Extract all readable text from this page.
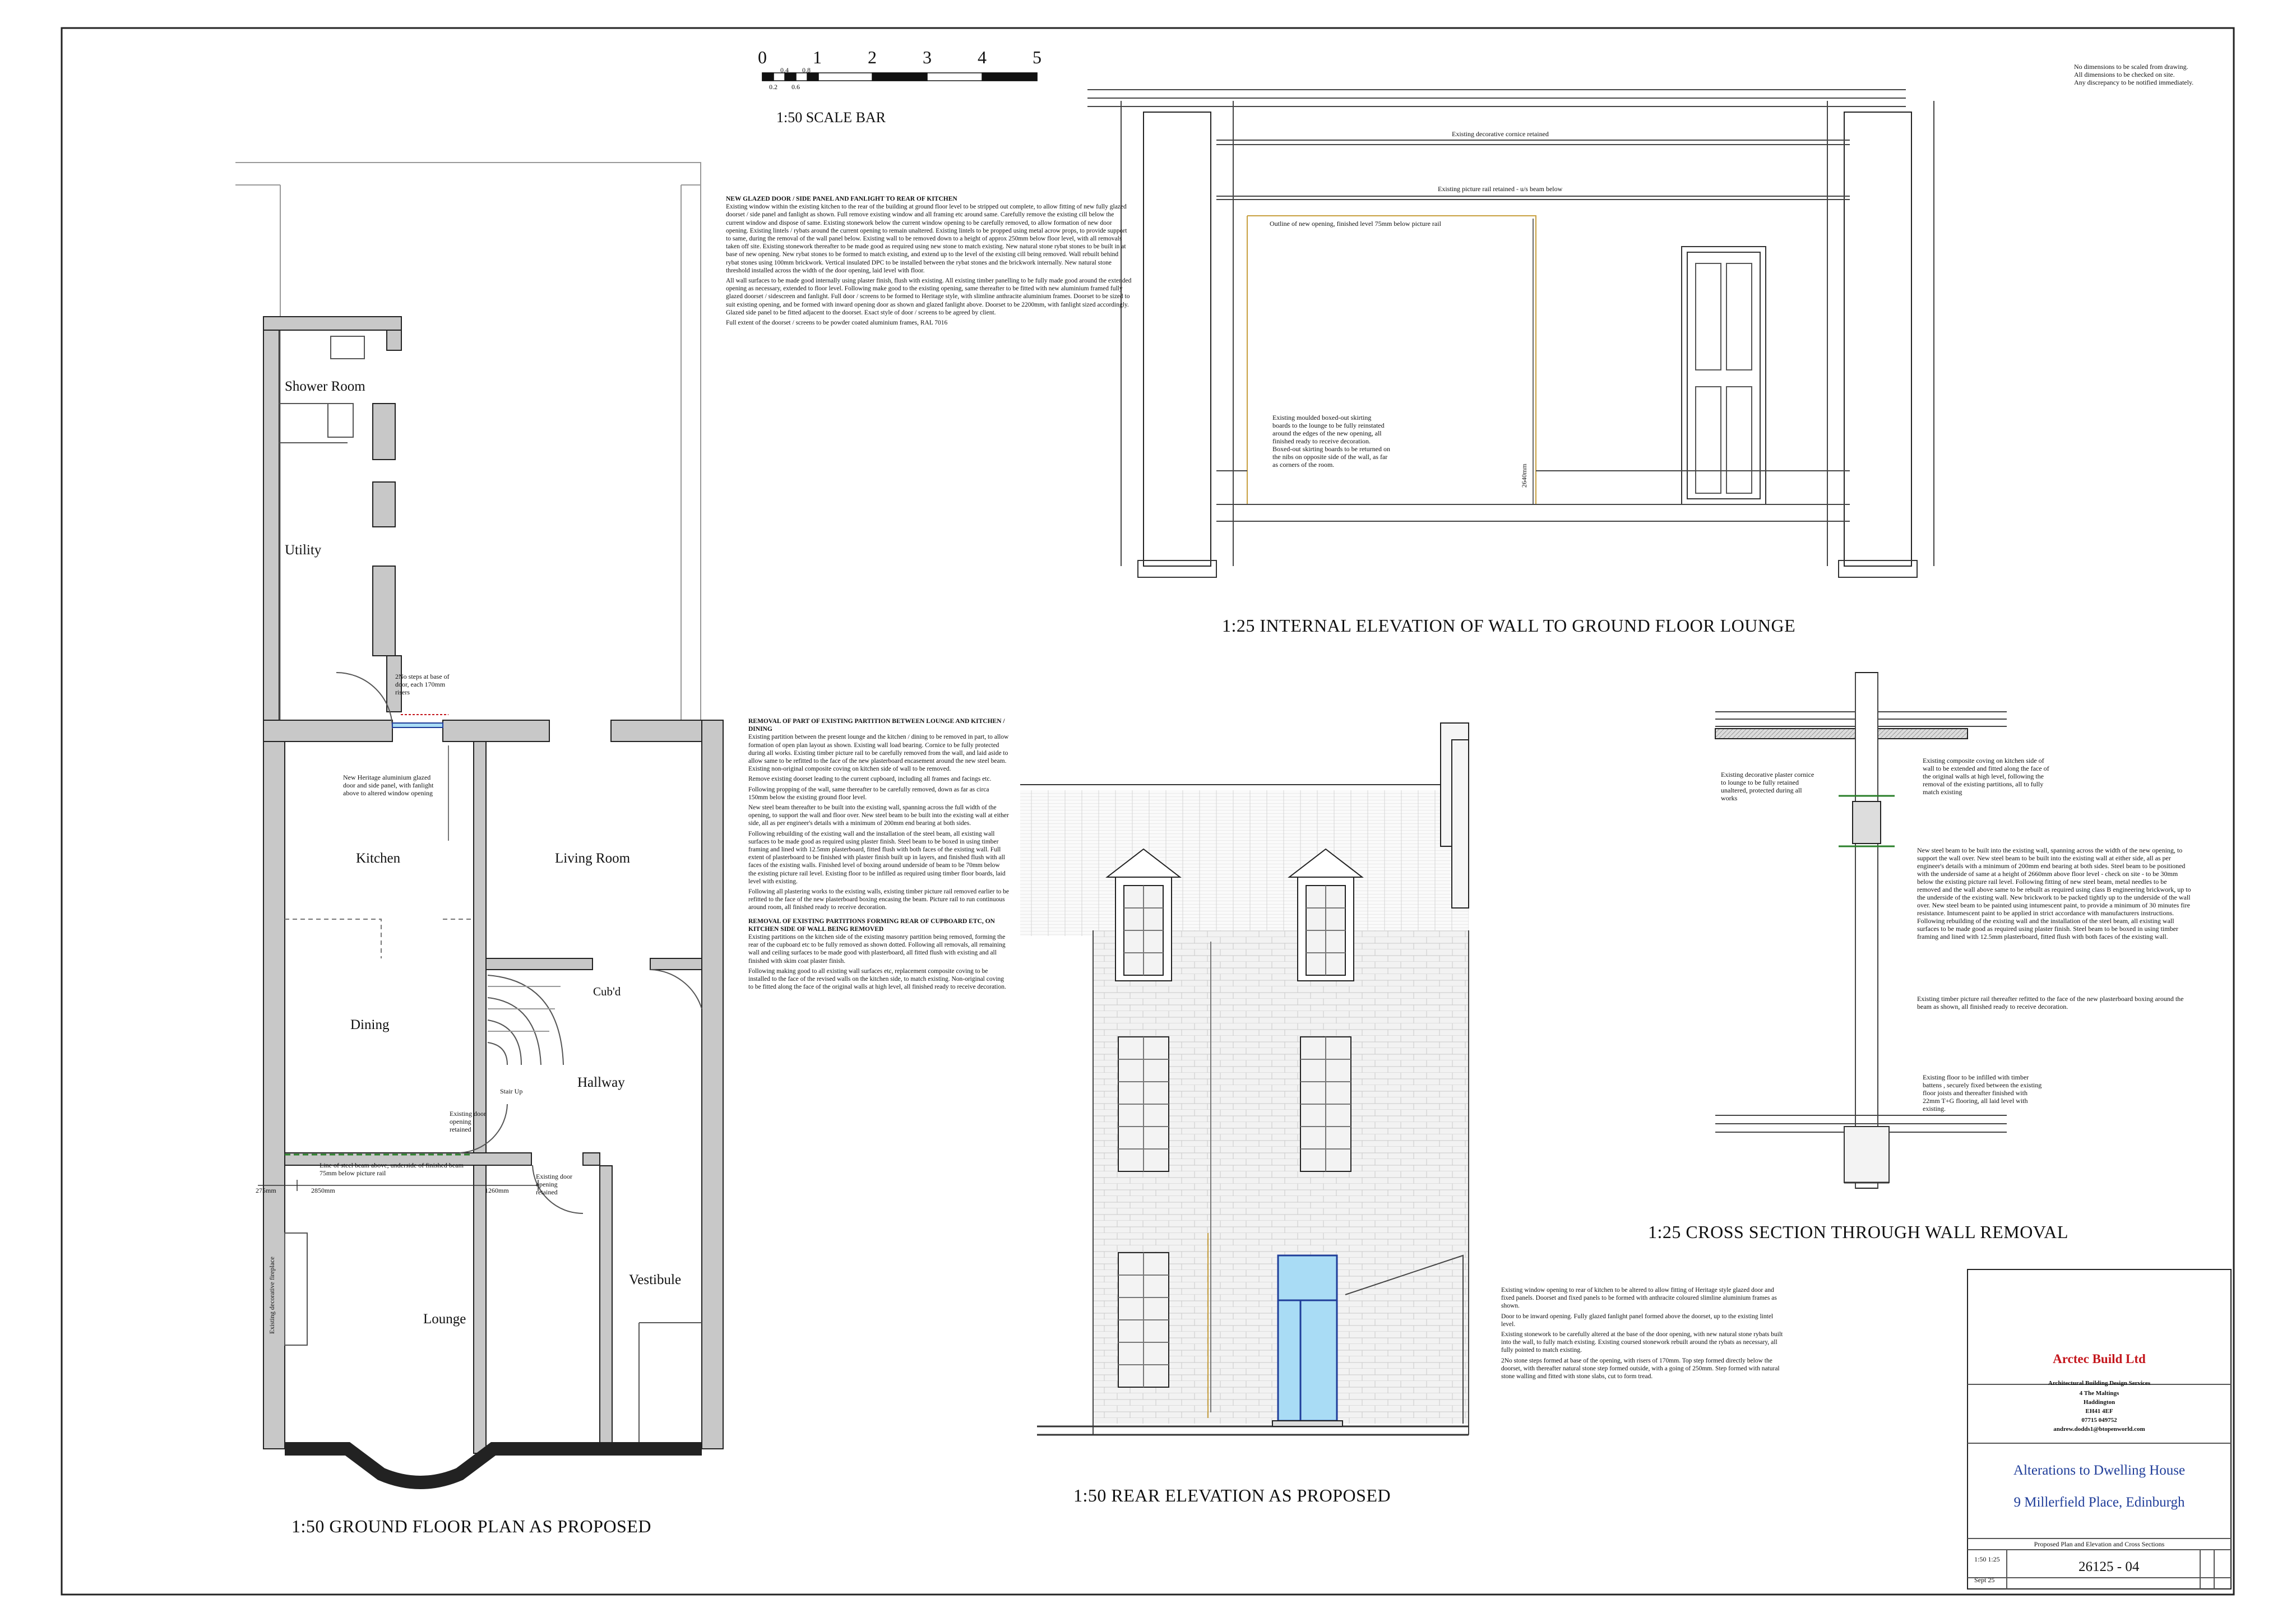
0	1	2	3	4	5
0.4 0.8
0.2 0.6
1:50 SCALE BAR
No dimensions to be scaled from drawing.
All dimensions to be checked on site.
Any discrepancy to be notified immediately.
NEW GLAZED DOOR / SIDE PANEL AND FANLIGHT TO REAR OF KITCHEN
Existing window within the existing kitchen to the rear of the building at ground floor level to be stripped out complete, to allow fitting of new fully glazed doorset / side panel and fanlight as shown. Full remove existing window and all framing etc around same. Carefully remove the existing cill below the current window and dispose of same. Existing stonework below the current window opening to be carefully removed, to allow formation of new door opening. Existing lintels / rybats around the current opening to remain unaltered. Existing lintels to be propped using metal acrow props, to provide support to same, during the removal of the wall panel below. Existing wall to be removed down to a height of approx 250mm below floor level, with all removals taken off site. Existing stonework thereafter to be made good as required using new stone to match existing. New natural stone rybat stones to be built in at base of new opening. New rybat stones to be formed to match existing, and extend up to the level of the existing cill being removed. Wall rebuilt behind rybat stones using 100mm brickwork. Vertical insulated DPC to be installed between the rybat stones and the brickwork internally. New natural stone threshold installed across the width of the door opening, laid level with floor.
All wall surfaces to be made good internally using plaster finish, flush with existing. All existing timber panelling to be fully made good around the extended opening as necessary, extended to floor level. Following make good to the existing opening, same thereafter to be fitted with new aluminium framed fully glazed doorset / sidescreen and fanlight. Full door / screens to be formed to Heritage style, with slimline anthracite aluminium frames. Doorset to be sized to suit existing opening, and be formed with inward opening door as shown and glazed fanlight above. Doorset to be 2200mm, with fanlight sized accordingly. Glazed side panel to be fitted adjacent to the doorset. Exact style of door / screens to be agreed by client.
Full extent of the doorset / screens to be powder coated aluminium frames, RAL 7016
REMOVAL OF PART OF EXISTING PARTITION BETWEEN LOUNGE AND KITCHEN / DINING
Existing partition between the present lounge and the kitchen / dining to be removed in part, to allow formation of open plan layout as shown. Existing wall load bearing. Cornice to be fully protected during all works. Existing timber picture rail to be carefully removed from the wall, and laid aside to allow same to be refitted to the face of the new plasterboard encasement around the new steel beam. Existing non-original composite coving on kitchen side of wall to be removed.
Remove existing doorset leading to the current cupboard, including all frames and facings etc.
Following propping of the wall, same thereafter to be carefully removed, down as far as circa 150mm below the existing ground floor level.
New steel beam thereafter to be built into the existing wall, spanning across the full width of the opening, to support the wall and floor over. New steel beam to be built into the existing wall at either side, all as per engineer's details with a minimum of 200mm end bearing at both sides.
Following rebuilding of the existing wall and the installation of the steel beam, all existing wall surfaces to be made good as required using plaster finish. Steel beam to be boxed in using timber framing and lined with 12.5mm plasterboard, fitted flush with both faces of the existing wall. Full extent of plasterboard to be finished with plaster finish built up in layers, and finished flush with all faces of the existing walls. Finished level of boxing around underside of beam to be 70mm below the existing picture rail level. Existing floor to be infilled as required using timber floor boards, laid level with existing.
Following all plastering works to the existing walls, existing timber picture rail removed earlier to be refitted to the face of the new plasterboard boxing encasing the beam. Picture rail to run continuous around room, all finished ready to receive decoration.
REMOVAL OF EXISTING PARTITIONS FORMING REAR OF CUPBOARD ETC, ON KITCHEN SIDE OF WALL BEING REMOVED
Existing partitions on the kitchen side of the existing masonry partition being removed, forming the rear of the cupboard etc to be fully removed as shown dotted. Following all removals, all remaining wall and ceiling surfaces to be made good with plasterboard, all fitted flush with existing and all finished with skim coat plaster finish.
Following making good to all existing wall surfaces etc, replacement composite coving to be installed to the face of the revised walls on the kitchen side, to match existing. Non-original coving to be fitted along the face of the original walls at high level, all finished ready to receive decoration.
Existing window opening to rear of kitchen to be altered to allow fitting of Heritage style glazed door and fixed panels. Doorset and fixed panels to be formed with anthracite coloured slimline aluminium frames as shown.
Door to be inward opening. Fully glazed fanlight panel formed above the doorset, up to the existing lintel level.
Existing stonework to be carefully altered at the base of the door opening, with new natural stone rybats built into the wall, to fully match existing. Existing coursed stonework rebuilt around the rybats as necessary, all fully pointed to match existing.
2No stone steps formed at base of the opening, with risers of 170mm. Top step formed directly below the doorset, with thereafter natural stone step formed outside, with a going of 250mm. Step formed with natural stone walling and fitted with stone slabs, cut to form tread.
Shower Room
Utility
Kitchen	Living Room
Dining
Cub'd
Hallway
Lounge
Vestibule
2No steps at base of door, each 170mm risers
New Heritage aluminium glazed door and side panel, with fanlight above to altered window opening
Stair Up
Existing door opening retained
Existing door opening retained
Line of steel beam above, underside of finished beam 75mm below picture rail
275mm	2850mm	1260mm
Existing decorative fireplace
1:50 GROUND FLOOR PLAN AS PROPOSED
Existing decorative cornice retained
Existing picture rail retained - u/s beam below
Outline of new opening, finished level 75mm below picture rail
Existing moulded boxed-out skirting boards to the lounge to be fully reinstated around the edges of the new opening, all finished ready to receive decoration. Boxed-out skirting boards to be returned on the nibs on opposite side of the wall, as far as corners of the room.	2640mm
1:25 INTERNAL ELEVATION OF WALL TO GROUND FLOOR LOUNGE
Existing decorative plaster cornice to lounge to be fully retained unaltered, protected during all works
Existing composite coving on kitchen side of wall to be extended and fitted along the face of the original walls at high level, following the removal of the existing partitions, all to fully match existing
New steel beam to be built into the existing wall, spanning across the width of the new opening, to support the wall over. New steel beam to be built into the existing wall at either side, all as per engineer's details with a minimum of 200mm end bearing at both sides. Steel beam to be positioned with the underside of same at a height of 2660mm above floor level - check on site - to be 30mm below the existing picture rail level. Following fitting of new steel beam, metal needles to be removed and the wall above same to be rebuilt as required using class B engineering brickwork, up to the underside of the existing wall. New brickwork to be packed tightly up to the underside of the wall over. New steel beam to be painted using intumescent paint, to provide a minimum of 30 minutes fire resistance. Intumescent paint to be applied in strict accordance with manufacturers instructions. Following rebuilding of the existing wall and the installation of the steel beam, all existing wall surfaces to be made good as required using plaster finish. Steel beam to be boxed in using timber framing and lined with 12.5mm plasterboard, fitted flush with both faces of the existing wall.
Existing timber picture rail thereafter refitted to the face of the new plasterboard boxing around the beam as shown, all finished ready to receive decoration.
Existing floor to be infilled with timber battens , securely fixed between the existing floor joists and thereafter finished with 22mm T+G flooring, all laid level with existing.
1:25 CROSS SECTION THROUGH WALL REMOVAL
1:50 REAR ELEVATION AS PROPOSED
Arctec Build Ltd
Architectural Building Design Services
4 The Maltings
Haddington
EH41 4EF
07715 049752
andrew.dodds1@btopenworld.com
Alterations to Dwelling House
9 Millerfield Place, Edinburgh
Proposed Plan and Elevation and Cross Sections
1:50 1:25
Sept 25
26125 - 04
